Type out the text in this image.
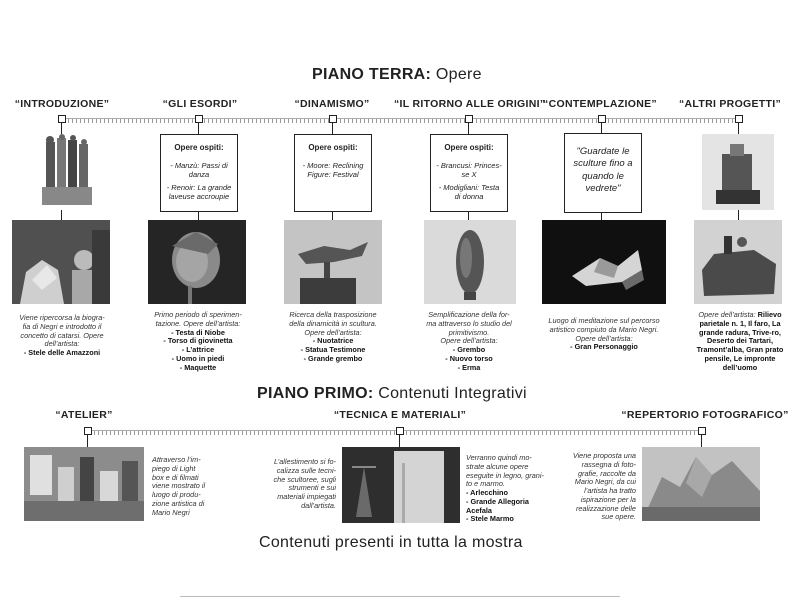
PIANO TERRA: Opere
“INTRODUZIONE”	“GLI ESORDI”	“DINAMISMO”	“IL RITORNO ALLE ORIGINI”
“CONTEMPLAZIONE”	“ALTRI PROGETTI”
Viene ripercorsa la biogra-
fia di Negri e introdotto il
concetto di catarsi. Opere
dell’artista:
- Stele delle Amazzoni
Opere ospiti:
- Manzù: Passi di danza
- Renoir: La grande laveuse accroupie
Primo periodo di sperimen-
tazione. Opere dell’artista:
- Testa di Niobe
- Torso di giovinetta
- L’attrice
- Uomo in piedi
- Maquette
Opere ospiti:
- Moore: Reclining Figure: Festival
Ricerca della trasposizione
della dinamicità in scultura.
Opere dell’artista:
- Nuotatrice
- Statua Testimone
- Grande grembo
Opere ospiti:
- Brancusi: Princes-se X
- Modigliani: Testa di donna
Semplificazione della for-
ma attraverso lo studio del
primitivismo.
Opere dell’artista:
- Grembo
- Nuovo torso
- Erma
"Guardate le sculture fino a quando le vedrete"
Luogo di meditazione sul percorso
artistico compiuto da Mario Negri.
Opere dell’artista:
- Gran Personaggio
Opere dell’artista: Rilievo parietale n. 1, Il faro, La grande radura, Trive-ro, Deserto dei Tartari, Tramont’alba, Gran prato pensile, Le impronte dell’uomo
PIANO PRIMO: Contenuti Integrativi
“ATELIER”	“TECNICA E MATERIALI”	“REPERTORIO FOTOGRAFICO”
Attraverso l’im-
piego di Light
box e di filmati
viene mostrato il
luogo di produ-
zione artistica di
Mario Negri
L’allestimento si fo-
calizza sulle tecni-
che scultoree, sugli
strumenti e sui
materiali impiegati
dall’artista.
Verranno quindi mo-
strate alcune opere
eseguite in legno, grani-
to e marmo.
- Arlecchino
- Grande Allegoria
Acefala
- Stele Marmo
Viene proposta una
rassegna di foto-
grafie, raccolte da
Mario Negri, da cui
l’artista ha tratto
ispirazione per la
realizzazione delle
sue opere.
Contenuti presenti in tutta la mostra
